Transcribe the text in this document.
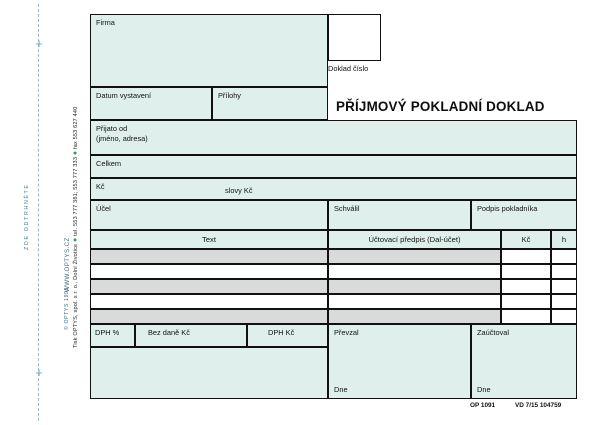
+
+
ZDE ODTRHNĚTE
Tisk OPTYS, spol. s r. o., Dolní Životice ● tel. 553 777 381; 553 777 333 ● fax 553 627 440
© OPTYS 1996
WWW.OPTYS.CZ
Firma
Doklad číslo
Datum vystavení	Přílohy
PŘÍJMOVÝ POKLADNÍ DOKLAD
Přijato od
(jméno, adresa)
Celkem
Kč	slovy Kč
Účel	Schválil	Podpis pokladníka
Text	Účtovací předpis (Dal-účet)	Kč	h
DPH %	Bez daně Kč	DPH Kč	Převzal
Dne
Zaúčtoval
Dne
OP 1091	VD 7/15 104759
